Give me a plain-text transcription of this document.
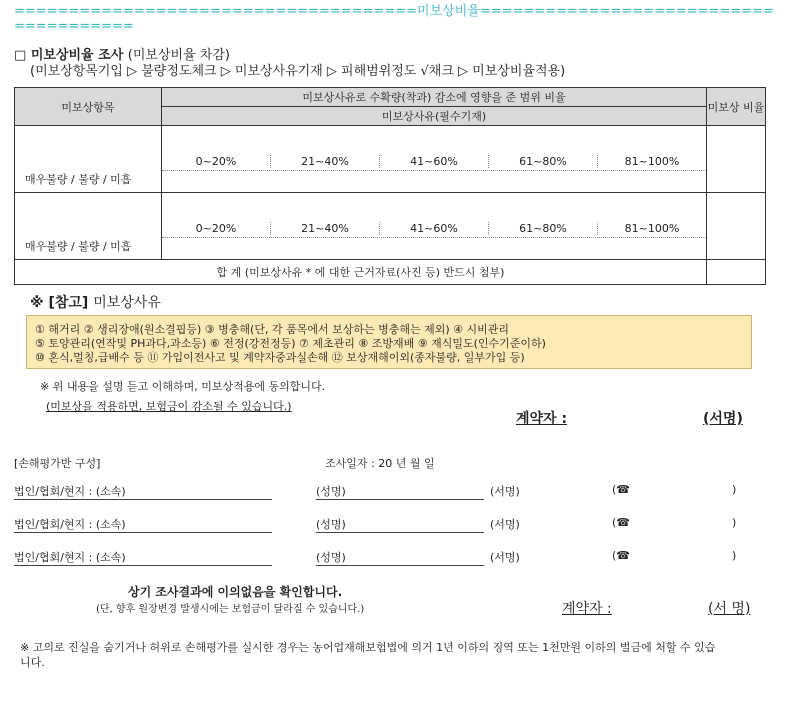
=====================================미보상비율======================================
□ 미보상비율 조사 (미보상비율 차감)
(미보상항목기입 ▷ 불량정도체크 ▷ 미보상사유기재 ▷ 피해범위정도 √채크 ▷ 미보상비율적용)
미보상항목	미보상사유로 수확량(착과) 감소에 영향을 준 범위 비율	미보상 비율
	미보상사유(필수기재)	

매우불량 / 불량 / 미흡	0~20% 21~40% 41~60% 61~80% 81~100%	

매우불량 / 불량 / 미흡	0~20% 21~40% 41~60% 61~80% 81~100%	

합 계 (미보상사유 * 에 대한 근거자료(사진 등) 반드시 첨부)		
※ [참고] 미보상사유
① 해거리 ② 생리장애(원소결핍등) ③ 병충해(단, 각 품목에서 보상하는 병충해는 제외) ④ 시비관리
⑤ 토양관리(연작및 PH과다,과소등) ⑥ 전정(강전정등) ⑦ 제초관리 ⑧ 조방재배 ⑨ 재식밀도(인수기준이하)
⑩ 혼식,멀칭,급배수 등 ⑪ 가입이전사고 및 계약자중과실손해 ⑫ 보상재해이외(종자불량, 일부가입 등)
※ 위 내용을 설명 듣고 이해하며, 미보상적용에 동의합니다.
(미보상을 적용하면, 보험금이 감소될 수 있습니다.)
계약자 :	(서명)
[손해평가반 구성]	조사일자 : 20 년 월 일
법인/협회/현지 : (소속)	(성명)	(서명)	(☎	)
법인/협회/현지 : (소속)	(성명)	(서명)	(☎	)
법인/협회/현지 : (소속)	(성명)	(서명)	(☎	)
상기 조사결과에 이의없음을 확인합니다.
(단, 향후 원장변경 발생시에는 보험금이 달라질 수 있습니다.)	계약자 :	(서 명)
※ 고의로 진실을 숨기거나 허위로 손해평가를 실시한 경우는 농어업재해보험법에 의거 1년 이하의 징역 또는 1천만원 이하의 벌금에 처할 수 있습니다.
